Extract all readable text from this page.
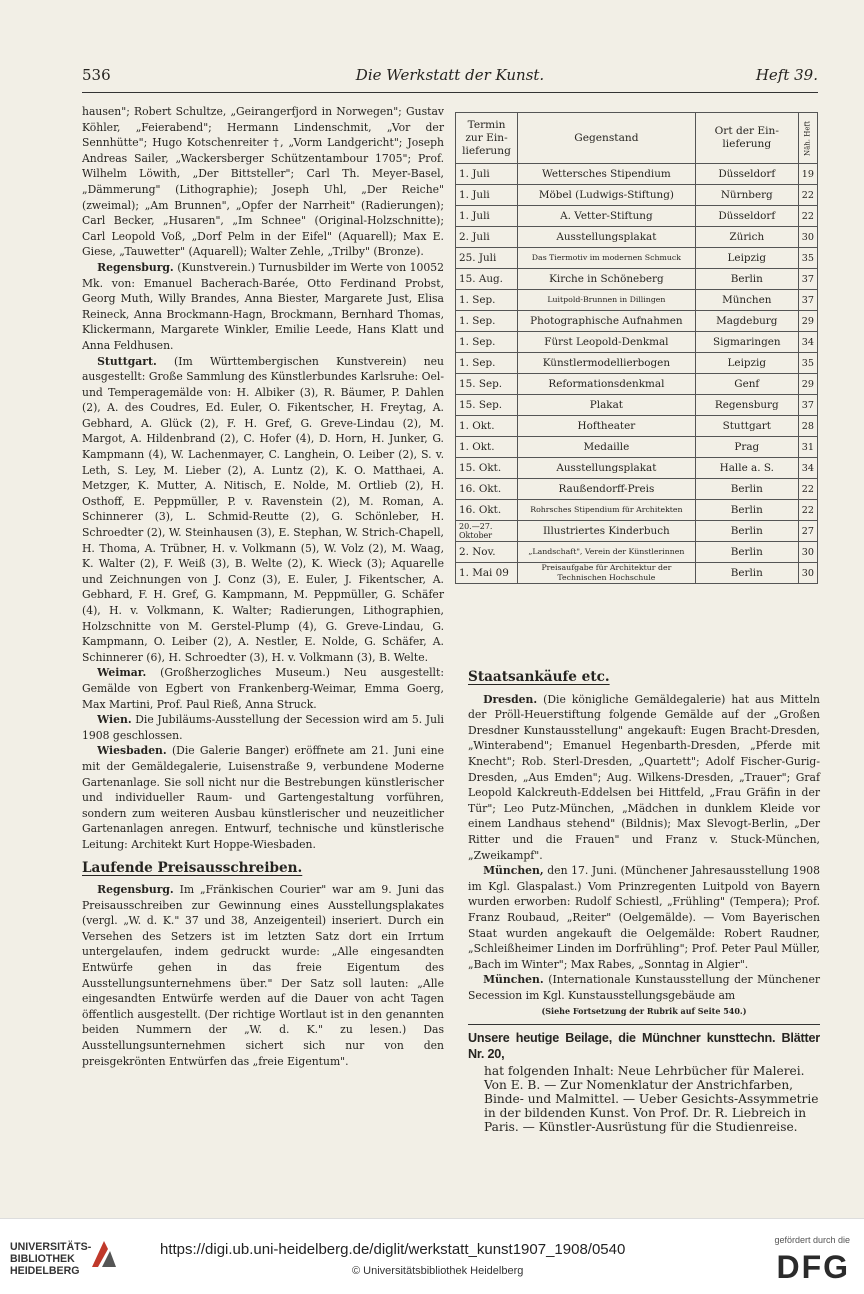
536	Die Werkstatt der Kunst.	Heft 39.

hausen"; Robert Schultze, „Geirangerfjord in Norwegen"; Gustav Köhler, „Feierabend"; Hermann Lindenschmit, „Vor der Sennhütte"; Hugo Kotschenreiter †, „Vorm Landgericht"; Joseph Andreas Sailer, „Wackersberger Schützentambour 1705"; Prof. Wilhelm Löwith, „Der Bittsteller"; Carl Th. Meyer-Basel, „Dämmerung" (Lithographie); Joseph Uhl, „Der Reiche" (zweimal); „Am Brunnen", „Opfer der Narrheit" (Radierungen); Carl Becker, „Husaren", „Im Schnee" (Original-Holzschnitte); Carl Leopold Voß, „Dorf Pelm in der Eifel" (Aquarell); Max E. Giese, „Tauwetter" (Aquarell); Walter Zehle, „Trilby" (Bronze).

Regensburg. (Kunstverein.) Turnusbilder im Werte von 10052 Mk. von: Emanuel Bacherach-Barée, Otto Ferdinand Probst, Georg Muth, Willy Brandes, Anna Biester, Margarete Just, Elisa Reineck, Anna Brockmann-Hagn, Brockmann, Bernhard Thomas, Klickermann, Margarete Winkler, Emilie Leede, Hans Klatt und Anna Feldhusen.

Stuttgart. (Im Württembergischen Kunstverein) neu ausgestellt: Große Sammlung des Künstlerbundes Karlsruhe: Oel- und Temperagemälde von: H. Albiker (3), R. Bäumer, P. Dahlen (2), A. des Coudres, Ed. Euler, O. Fikentscher, H. Freytag, A. Gebhard, A. Glück (2), F. H. Gref, G. Greve-Lindau (2), M. Margot, A. Hildenbrand (2), C. Hofer (4), D. Horn, H. Junker, G. Kampmann (4), W. Lachenmayer, C. Langhein, O. Leiber (2), S. v. Leth, S. Ley, M. Lieber (2), A. Luntz (2), K. O. Matthaei, A. Metzger, K. Mutter, A. Nitisch, E. Nolde, M. Ortlieb (2), H. Osthoff, E. Peppmüller, P. v. Ravenstein (2), M. Roman, A. Schinnerer (3), L. Schmid-Reutte (2), G. Schönleber, H. Schroedter (2), W. Steinhausen (3), E. Stephan, W. Strich-Chapell, H. Thoma, A. Trübner, H. v. Volkmann (5), W. Volz (2), M. Waag, K. Walter (2), F. Weiß (3), B. Welte (2), K. Wieck (3); Aquarelle und Zeichnungen von J. Conz (3), E. Euler, J. Fikentscher, A. Gebhard, F. H. Gref, G. Kampmann, M. Peppmüller, G. Schäfer (4), H. v. Volkmann, K. Walter; Radierungen, Lithographien, Holzschnitte von M. Gerstel-Plump (4), G. Greve-Lindau, G. Kampmann, O. Leiber (2), A. Nestler, E. Nolde, G. Schäfer, A. Schinnerer (6), H. Schroedter (3), H. v. Volkmann (3), B. Welte.

Weimar. (Großherzogliches Museum.) Neu ausgestellt: Gemälde von Egbert von Frankenberg-Weimar, Emma Goerg, Max Martini, Prof. Paul Rieß, Anna Struck.

Wien. Die Jubiläums-Ausstellung der Secession wird am 5. Juli 1908 geschlossen.

Wiesbaden. (Die Galerie Banger) eröffnete am 21. Juni eine mit der Gemäldegalerie, Luisenstraße 9, verbundene Moderne Gartenanlage. Sie soll nicht nur die Bestrebungen künstlerischer und individueller Raum- und Gartengestaltung vorführen, sondern zum weiteren Ausbau künstlerischer und neuzeitlicher Gartenanlagen anregen. Entwurf, technische und künstlerische Leitung: Architekt Kurt Hoppe-Wiesbaden.

Laufende Preisausschreiben.

Regensburg. Im „Fränkischen Courier" war am 9. Juni das Preisausschreiben zur Gewinnung eines Ausstellungsplakates (vergl. „W. d. K." 37 und 38, Anzeigenteil) inseriert. Durch ein Versehen des Setzers ist im letzten Satz dort ein Irrtum untergelaufen, indem gedruckt wurde: „Alle eingesandten Entwürfe gehen in das freie Eigentum des Ausstellungsunternehmens über." Der Satz soll lauten: „Alle eingesandten Entwürfe werden auf die Dauer von acht Tagen öffentlich ausgestellt. (Der richtige Wortlaut ist in den genannten beiden Nummern der „W. d. K." zu lesen.) Das Ausstellungsunternehmen sichert sich nur von den preisgekrönten Entwürfen das „freie Eigentum".

Termin zur Ein-lieferung	Gegenstand	Ort der Ein-lieferung	Näh. Heft
1. Juli	Wettersches Stipendium	Düsseldorf	19
1. Juli	Möbel (Ludwigs-Stiftung)	Nürnberg	22
1. Juli	A. Vetter-Stiftung	Düsseldorf	22
2. Juli	Ausstellungsplakat	Zürich	30
25. Juli	Das Tiermotiv im modernen Schmuck	Leipzig	35
15. Aug.	Kirche in Schöneberg	Berlin	37
1. Sep.	Luitpold-Brunnen in Dillingen	München	37
1. Sep.	Photographische Aufnahmen	Magdeburg	29
1. Sep.	Fürst Leopold-Denkmal	Sigmaringen	34
1. Sep.	Künstlermodellierbogen	Leipzig	35
15. Sep.	Reformationsdenkmal	Genf	29
15. Sep.	Plakat	Regensburg	37
1. Okt.	Hoftheater	Stuttgart	28
1. Okt.	Medaille	Prag	31
15. Okt.	Ausstellungsplakat	Halle a. S.	34
16. Okt.	Raußendorff-Preis	Berlin	22
16. Okt.	Rohrsches Stipendium für Architekten	Berlin	22
20.—27. Oktober	Illustriertes Kinderbuch	Berlin	27
2. Nov.	„Landschaft", Verein der Künstlerinnen	Berlin	30
1. Mai 09	Preisaufgabe für Architektur der Technischen Hochschule	Berlin	30
Staatsankäufe etc.

Dresden. (Die königliche Gemäldegalerie) hat aus Mitteln der Pröll-Heuerstiftung folgende Gemälde auf der „Großen Dresdner Kunstausstellung" angekauft: Eugen Bracht-Dresden, „Winterabend"; Emanuel Hegenbarth-Dresden, „Pferde mit Knecht"; Rob. Sterl-Dresden, „Quartett"; Adolf Fischer-Gurig-Dresden, „Aus Emden"; Aug. Wilkens-Dresden, „Trauer"; Graf Leopold Kalckreuth-Eddelsen bei Hittfeld, „Frau Gräfin in der Tür"; Leo Putz-München, „Mädchen in dunklem Kleide vor einem Landhaus stehend" (Bildnis); Max Slevogt-Berlin, „Der Ritter und die Frauen" und Franz v. Stuck-München, „Zweikampf".

München, den 17. Juni. (Münchener Jahresausstellung 1908 im Kgl. Glaspalast.) Vom Prinzregenten Luitpold von Bayern wurden erworben: Rudolf Schiestl, „Frühling" (Tempera); Prof. Franz Roubaud, „Reiter" (Oelgemälde). — Vom Bayerischen Staat wurden angekauft die Oelgemälde: Robert Raudner, „Schleißheimer Linden im Dorfrühling"; Prof. Peter Paul Müller, „Bach im Winter"; Max Rabes, „Sonntag in Algier".

München. (Internationale Kunstausstellung der Münchener Secession im Kgl. Kunstausstellungsgebäude am

(Siehe Fortsetzung der Rubrik auf Seite 540.)
Unsere heutige Beilage, die Münchner kunsttechn. Blätter Nr. 20,
hat folgenden Inhalt: Neue Lehrbücher für Malerei. Von E. B. — Zur Nomenklatur der Anstrichfarben, Binde- und Malmittel. — Ueber Gesichts-Assymmetrie in der bildenden Kunst. Von Prof. Dr. R. Liebreich in Paris. — Künstler-Ausrüstung für die Studienreise.
UNIVERSITÄTS-
BIBLIOTHEK
HEIDELBERG
https://digi.ub.uni-heidelberg.de/diglit/werkstatt_kunst1907_1908/0540
© Universitätsbibliothek Heidelberg
gefördert durch die
DFG
